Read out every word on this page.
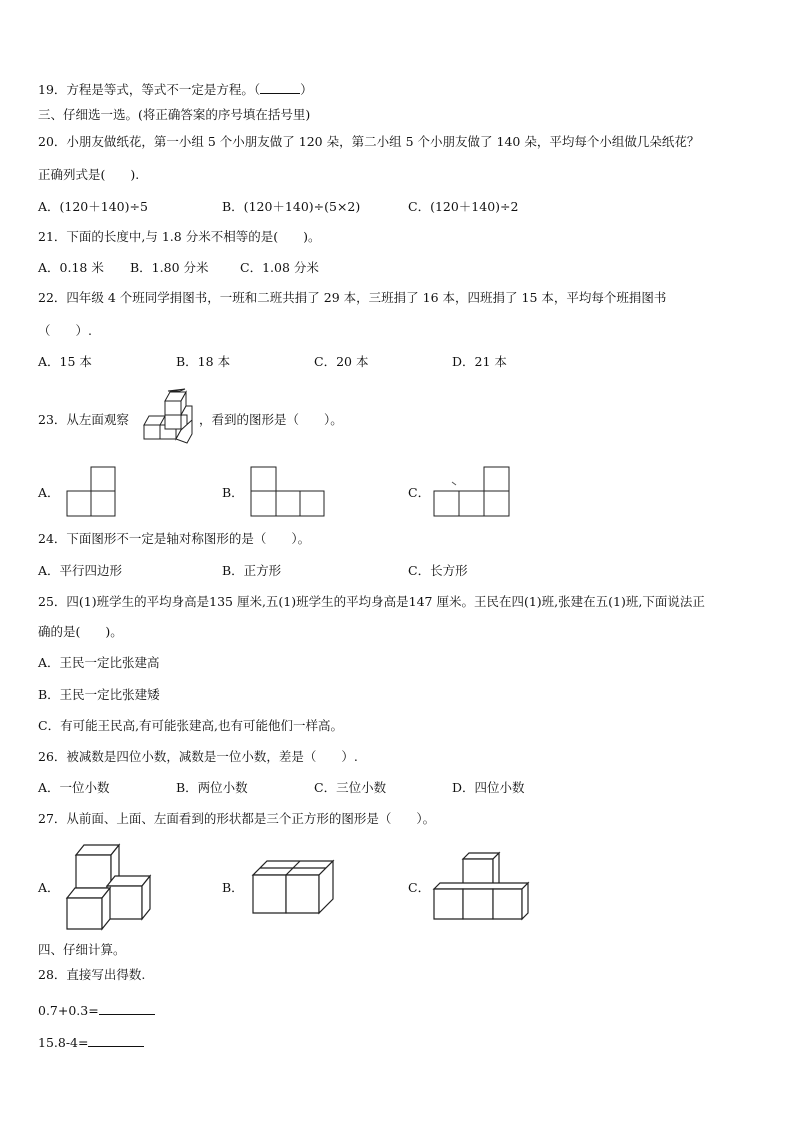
19．方程是等式，等式不一定是方程。（	）
三、仔细选一选。(将正确答案的序号填在括号里)
20．小朋友做纸花，第一小组 5 个小朋友做了 120 朵，第二小组 5 个小朋友做了 140 朵，平均每个小组做几朵纸花？
正确列式是(　　).
A．(120＋140)÷5	B．(120＋140)÷(5×2)	C．(120＋140)÷2
21．下面的长度中,与 1.8 分米不相等的是(　　)。
A．0.18 米 B．1.80 分米	C．1.08 分米
22．四年级 4 个班同学捐图书，一班和二班共捐了 29 本，三班捐了 16 本，四班捐了 15 本，平均每个班捐图书
（　　）.
A．15 本	B．18 本	C．20 本	D．21 本
23．从左面观察	，看到的图形是（　　）。
A．	B．	C．
24．下面图形不一定是轴对称图形的是（　　）。
A．平行四边形	B．正方形	C．长方形
25．四(1)班学生的平均身高是135 厘米,五(1)班学生的平均身高是147 厘米。王民在四(1)班,张建在五(1)班,下面说法正
确的是(　　)。
A．王民一定比张建高
B．王民一定比张建矮
C．有可能王民高,有可能张建高,也有可能他们一样高。
26．被减数是四位小数，减数是一位小数，差是（　　）.
A．一位小数	B．两位小数	C．三位小数	D．四位小数
27．从前面、上面、左面看到的形状都是三个正方形的图形是（　　）。
A．	B．	C．
四、仔细计算。
28．直接写出得数.
0.7+0.3=
15.8-4=
